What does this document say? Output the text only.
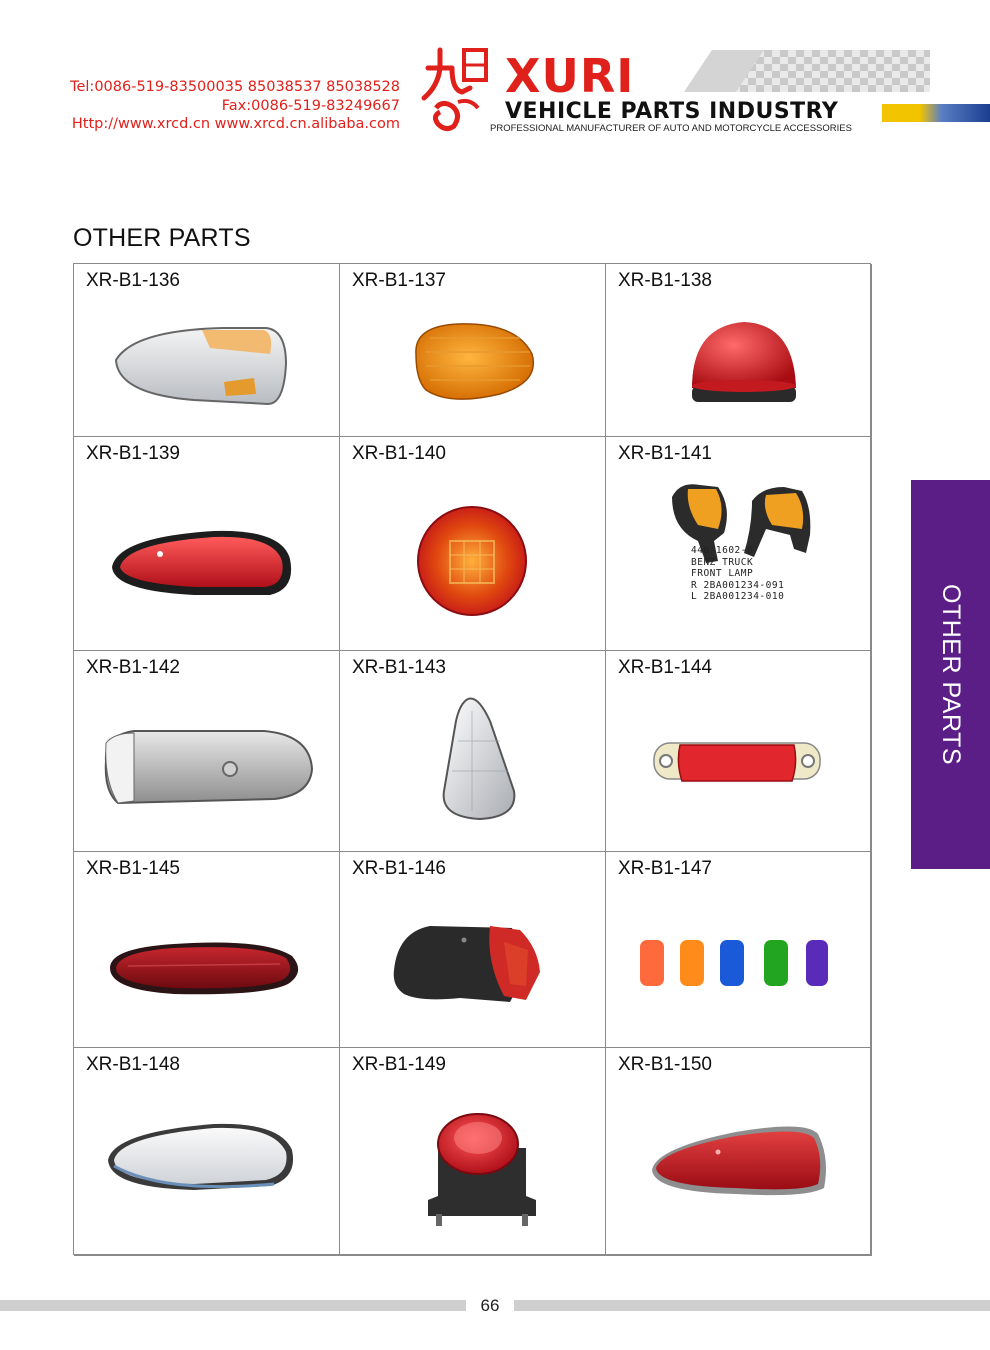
Tel:0086-519-83500035 85038537 85038528
Fax:0086-519-83249667
Http://www.xrcd.cn www.xrcd.cn.alibaba.com
XURI
VEHICLE PARTS INDUSTRY
PROFESSIONAL MANUFACTURER OF AUTO AND MOTORCYCLE ACCESSORIES
OTHER PARTS
XR-B1-136	XR-B1-137	XR-B1-138
XR-B1-139	XR-B1-140	XR-B1-141
440-1602-6
BENZ TRUCK
FRONT LAMP
R 2BA001234-091
L 2BA001234-010
XR-B1-142	XR-B1-143	XR-B1-144
XR-B1-145	XR-B1-146	XR-B1-147
XR-B1-148	XR-B1-149	XR-B1-150
OTHER PARTS
66
